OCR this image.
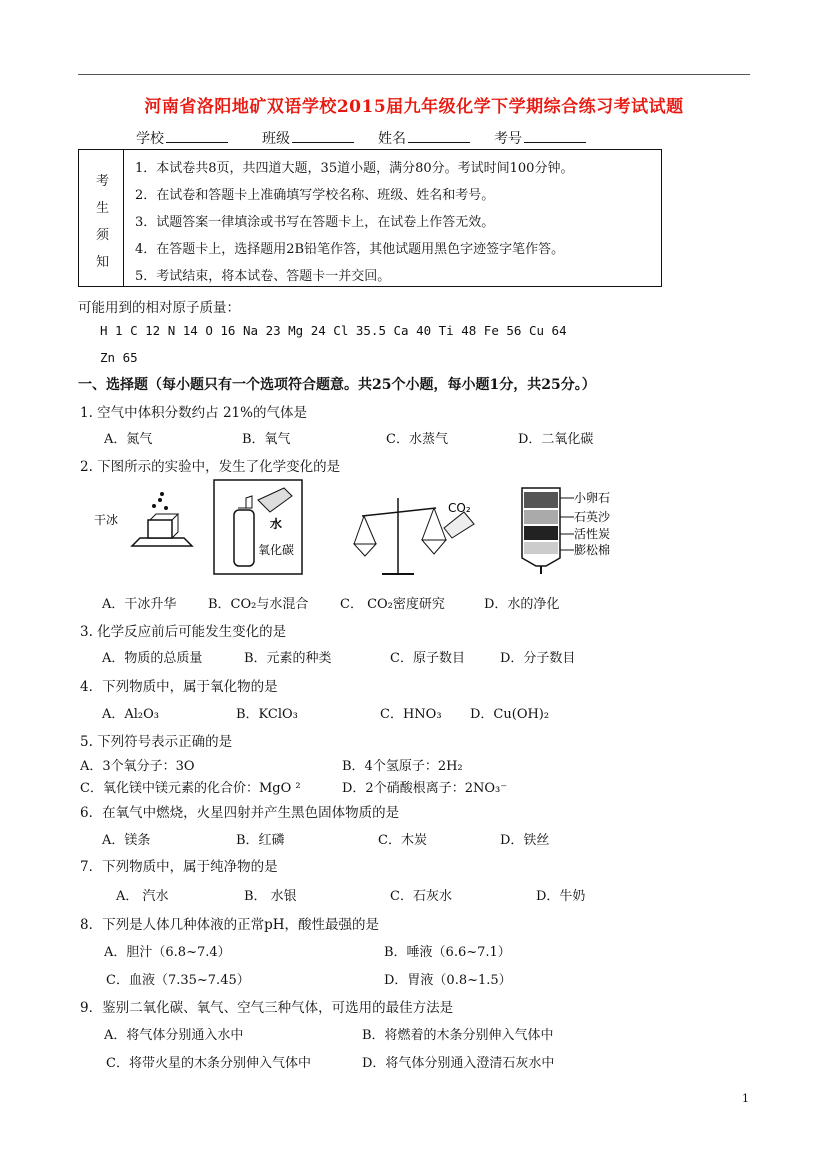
河南省洛阳地矿双语学校2015届九年级化学下学期综合练习考试试题
学校	班级	姓名	考号
考
生
须
知
1．本试卷共8页，共四道大题，35道小题，满分80分。考试时间100分钟。
2．在试卷和答题卡上准确填写学校名称、班级、姓名和考号。
3．试题答案一律填涂或书写在答题卡上，在试卷上作答无效。
4．在答题卡上，选择题用2B铅笔作答，其他试题用黑色字迹签字笔作答。
5．考试结束，将本试卷、答题卡一并交回。
可能用到的相对原子质量：
H 1 C 12 N 14 O 16 Na 23 Mg 24 Cl 35.5 Ca 40 Ti 48 Fe 56 Cu 64
Zn 65
一、选择题（每小题只有一个选项符合题意。共25个小题，每小题1分，共25分。）
1. 空气中体积分数约占 21%的气体是
A．氮气	B．氧气	C．水蒸气	D．二氧化碳
2. 下图所示的实验中，发生了化学变化的是
干冰	水
氧化碳
CO₂
小卵石
石英沙
活性炭
膨松棉
A．干冰升华 B．CO₂与水混合 C． CO₂密度研究	D．水的净化
3. 化学反应前后可能发生变化的是
A．物质的总质量	B．元素的种类	C．原子数目	D．分子数目
4．下列物质中，属于氧化物的是
A．Al₂O₃	B．KClO₃	C．HNO₃ D．Cu(OH)₂
5. 下列符号表示正确的是
A．3个氧分子：3O	B．4个氢原子：2H₂
C．氧化镁中镁元素的化合价：MgO ²	D．2个硝酸根离子：2NO₃⁻
6．在氧气中燃烧，火星四射并产生黑色固体物质的是
A．镁条	B．红磷	C．木炭	D．铁丝
7．下列物质中，属于纯净物的是
A． 汽水	B． 水银	C．石灰水	D．牛奶
8．下列是人体几种体液的正常pH，酸性最强的是
A．胆汁（6.8~7.4）	B．唾液（6.6~7.1）
C．血液（7.35~7.45）	D．胃液（0.8~1.5）
9．鉴别二氧化碳、氧气、空气三种气体，可选用的最佳方法是
A．将气体分别通入水中	B．将燃着的木条分别伸入气体中
C．将带火星的木条分别伸入气体中	D．将气体分别通入澄清石灰水中
1
